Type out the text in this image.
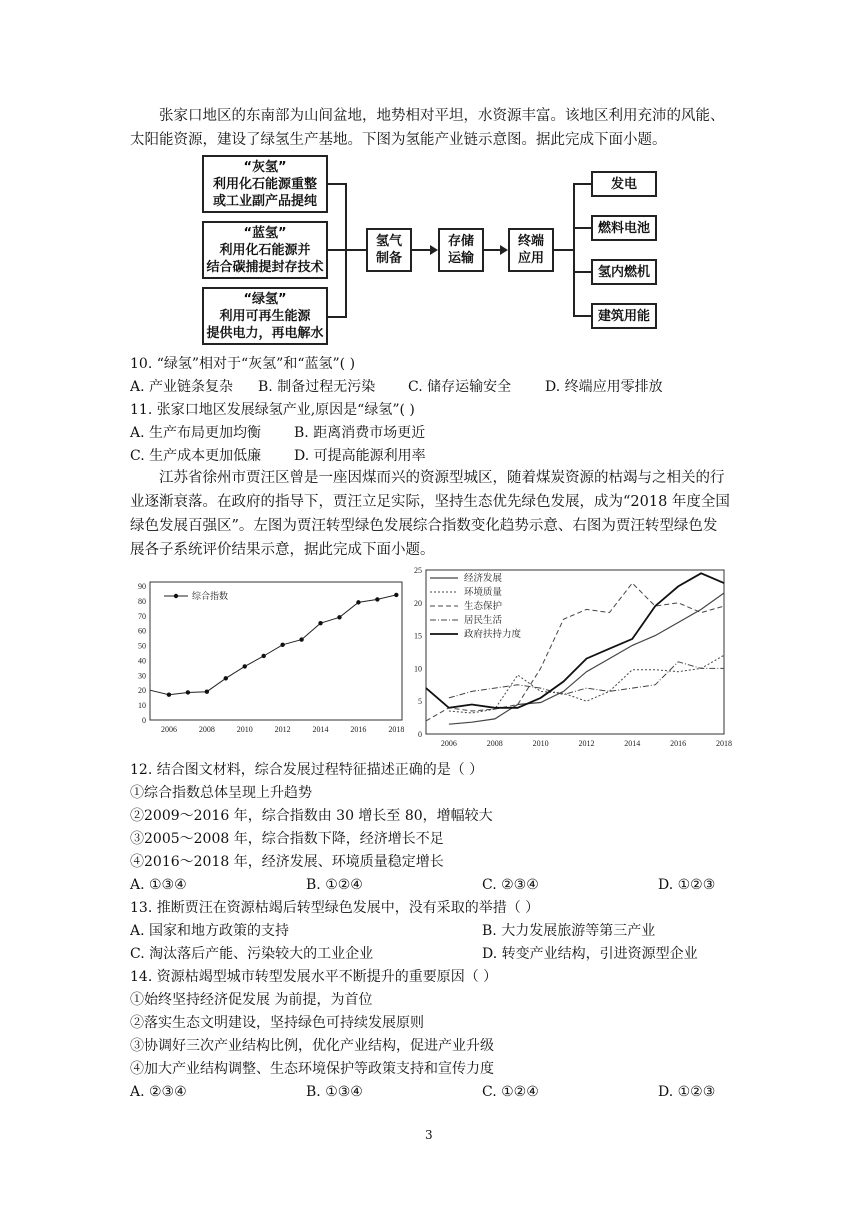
张家口地区的东南部为山间盆地，地势相对平坦，水资源丰富。该地区利用充沛的风能、太阳能资源，建设了绿氢生产基地。下图为氢能产业链示意图。据此完成下面小题。

“灰氢”
利用化石能源重整
或工业副产品提纯
“蓝氢”
利用化石能源并
结合碳捕提封存技术
“绿氢”
利用可再生能源
提供电力，再电解水
氢气
制备
存储
运输
终端
应用
发电
燃料电池
氢内燃机
建筑用能
10. “绿氢”相对于“灰氢”和“蓝氢”( )
A. 产业链条复杂 B. 制备过程无污染 C. 储存运输安全 D. 终端应用零排放
11. 张家口地区发展绿氢产业,原因是“绿氢”( )
A. 生产布局更加均衡 B. 距离消费市场更近
C. 生产成本更加低廉 D. 可提高能源利用率

江苏省徐州市贾汪区曾是一座因煤而兴的资源型城区，随着煤炭资源的枯竭与之相关的行业逐渐衰落。在政府的指导下，贾汪立足实际，坚持生态优先绿色发展，成为“2018 年度全国绿色发展百强区”。左图为贾汪转型绿色发展综合指数变化趋势示意、右图为贾汪转型绿色发展各子系统评价结果示意，据此完成下面小题。

0
10
20
30
40
50
60
70
80
90
2006	2008	2010	2012	2014	2016	2018
综合指数
0
5
10
15
20
25
2006	2008	2010	2012	2014	2016	2018
经济发展
环境质量
生态保护
居民生活
政府扶持力度
12. 结合图文材料，综合发展过程特征描述正确的是（ ）
①综合指数总体呈现上升趋势
②2009～2016 年，综合指数由 30 增长至 80，增幅较大
③2005～2008 年，综合指数下降，经济增长不足
④2016～2018 年，经济发展、环境质量稳定增长
A. ①③④	B. ①②④	C. ②③④	D. ①②③
13. 推断贾汪在资源枯竭后转型绿色发展中，没有采取的举措（ ）
A. 国家和地方政策的支持	B. 大力发展旅游等第三产业
C. 淘汰落后产能、污染较大的工业企业	D. 转变产业结构，引进资源型企业
14. 资源枯竭型城市转型发展水平不断提升的重要原因（ ）
①始终坚持经济促发展 为前提，为首位
②落实生态文明建设，坚持绿色可持续发展原则
③协调好三次产业结构比例，优化产业结构，促进产业升级
④加大产业结构调整、生态环境保护等政策支持和宣传力度
A. ②③④	B. ①③④	C. ①②④	D. ①②③
3
